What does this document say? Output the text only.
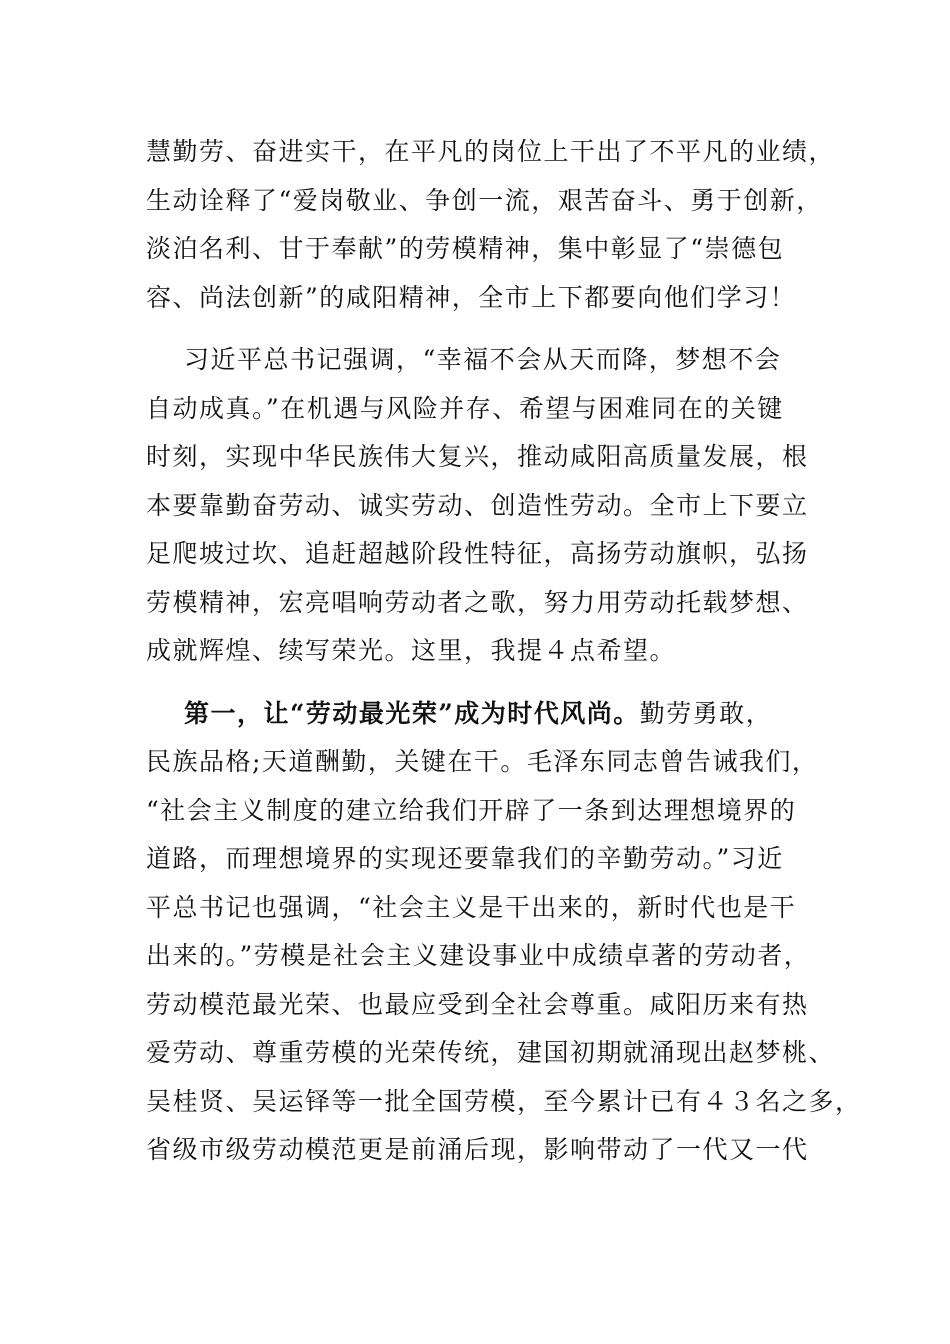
慧勤劳、奋进实干，在平凡的岗位上干出了不平凡的业绩，
生动诠释了“爱岗敬业、争创一流，艰苦奋斗、勇于创新，
淡泊名利、甘于奉献”的劳模精神，集中彰显了“崇德包
容、尚法创新”的咸阳精神，全市上下都要向他们学习！
习近平总书记强调，“幸福不会从天而降，梦想不会
自动成真。”在机遇与风险并存、希望与困难同在的关键
时刻，实现中华民族伟大复兴，推动咸阳高质量发展，根
本要靠勤奋劳动、诚实劳动、创造性劳动。全市上下要立
足爬坡过坎、追赶超越阶段性特征，高扬劳动旗帜，弘扬
劳模精神，宏亮唱响劳动者之歌，努力用劳动托载梦想、
成就辉煌、续写荣光。这里，我提４点希望。
第一，让“劳动最光荣”成为时代风尚。勤劳勇敢，
民族品格;天道酬勤，关键在干。毛泽东同志曾告诫我们，
“社会主义制度的建立给我们开辟了一条到达理想境界的
道路，而理想境界的实现还要靠我们的辛勤劳动。”习近
平总书记也强调，“社会主义是干出来的，新时代也是干
出来的。”劳模是社会主义建设事业中成绩卓著的劳动者，
劳动模范最光荣、也最应受到全社会尊重。咸阳历来有热
爱劳动、尊重劳模的光荣传统，建国初期就涌现出赵梦桃、
吴桂贤、吴运铎等一批全国劳模，至今累计已有４３名之多，
省级市级劳动模范更是前涌后现，影响带动了一代又一代
